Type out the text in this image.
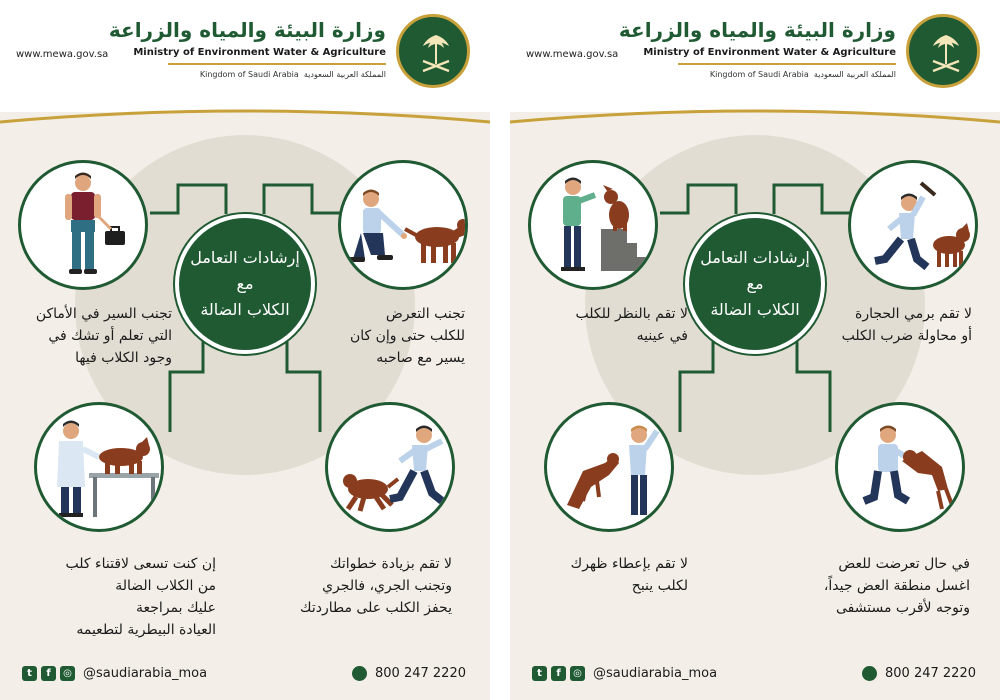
www.mewa.gov.sa
وزارة البيئة والمياه والزراعة
Ministry of Environment Water & Agriculture
Kingdom of Saudi Arabia المملكة العربية السعودية
إرشادات التعامل
مع
الكلاب الضالة
تجنب السير في الأماكن
التي تعلم أو تشك في
وجود الكلاب فيها
تجنب التعرض
للكلب حتى وإن كان
يسير مع صاحبه
إن كنت تسعى لاقتناء كلب
من الكلاب الضالة
عليك بمراجعة
العيادة البيطرية لتطعيمه
لا تقم بزيادة خطواتك
وتجنب الجري، فالجري
يحفز الكلب على مطاردتك
t	f	◎ @saudiarabia_moa	800 247 2220
www.mewa.gov.sa
وزارة البيئة والمياه والزراعة
Ministry of Environment Water & Agriculture
Kingdom of Saudi Arabia المملكة العربية السعودية
إرشادات التعامل
مع
الكلاب الضالة
لا تقم بالنظر للكلب
في عينيه
لا تقم برمي الحجارة
أو محاولة ضرب الكلب
لا تقم بإعطاء ظهرك
لكلب ينبح
في حال تعرضت للعض
اغسل منطقة العض جيداً،
وتوجه لأقرب مستشفى
t	f	◎ @saudiarabia_moa	800 247 2220
